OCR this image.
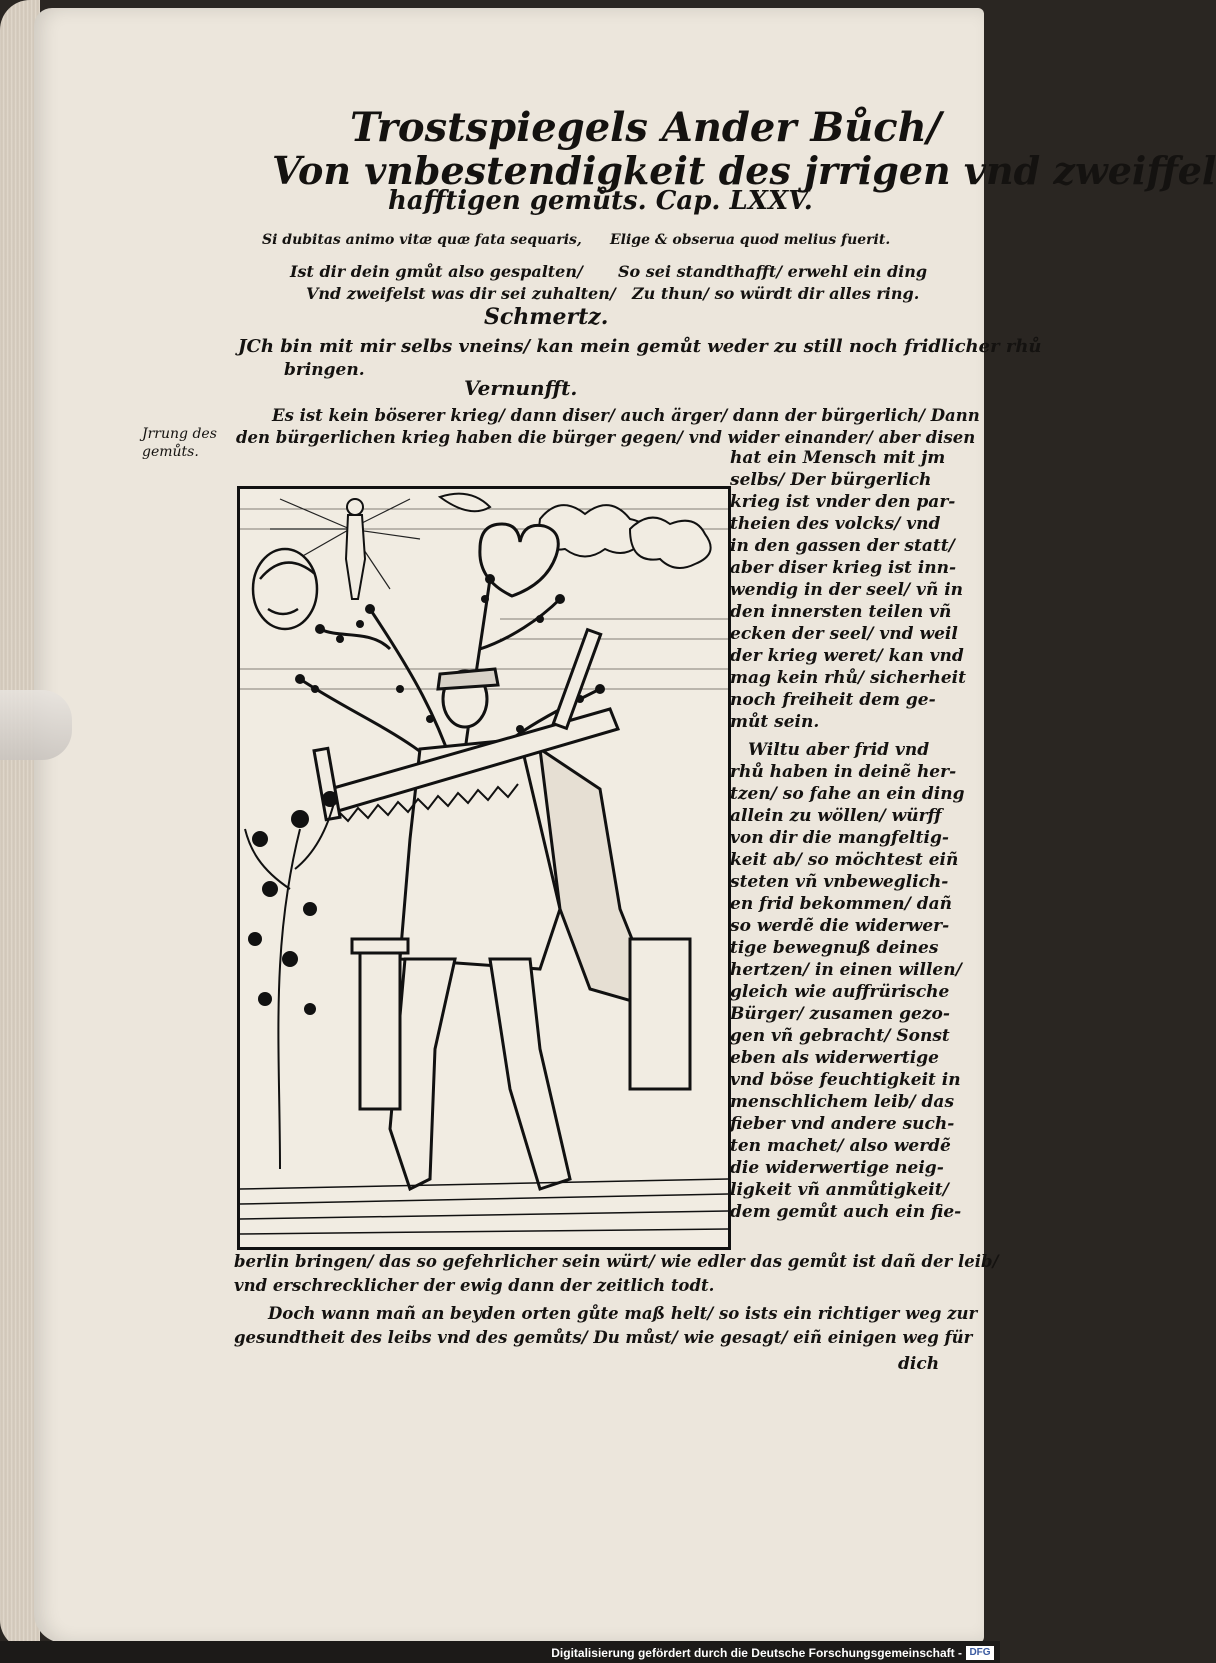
Trostspiegels Ander Bůch/
Von vnbestendigkeit des jrrigen vnd zweiffel
hafftigen gemůts. Cap. LXXV.
Si dubitas animo vitæ quæ fata sequaris, Elige & obserua quod melius fuerit.
Ist dir dein gmůt also gespalten/
Vnd zweifelst was dir sei zuhalten/
So sei standthafft/ erwehl ein ding
Zu thun/ so würdt dir alles ring.
Schmertz.
JCh bin mit mir selbs vneins/ kan mein gemůt weder zu still noch fridlicher rhů
bringen.
Vernunfft.
Es ist kein böserer krieg/ dann diser/ auch ärger/ dann der bürgerlich/ Dann
den bürgerlichen krieg haben die bürger gegen/ vnd wider einander/ aber disen
Jrrung des
gemůts.	hat ein Mensch mit jm
selbs/ Der bürgerlich
krieg ist vnder den par-
theien des volcks/ vnd
in den gassen der statt/
aber diser krieg ist inn-
wendig in der seel/ vñ in
den innersten teilen vñ
ecken der seel/ vnd weil
der krieg weret/ kan vnd
mag kein rhů/ sicherheit
noch freiheit dem ge-
můt sein.
Wiltu aber frid vnd
rhů haben in deinẽ her-
tzen/ so fahe an ein ding
allein zu wöllen/ würff
von dir die mangfeltig-
keit ab/ so möchtest eiñ
steten vñ vnbeweglich-
en frid bekommen/ dañ
so werdẽ die widerwer-
tige bewegnuß deines
hertzen/ in einen willen/
gleich wie auffrürische
Bürger/ zusamen gezo-
gen vñ gebracht/ Sonst
eben als widerwertige
vnd böse feuchtigkeit in
menschlichem leib/ das
fieber vnd andere such-
ten machet/ also werdẽ
die widerwertige neig-
ligkeit vñ anmůtigkeit/
dem gemůt auch ein fie-
berlin bringen/ das so gefehrlicher sein würt/ wie edler das gemůt ist dañ der leib/
vnd erschrecklicher der ewig dann der zeitlich todt.
Doch wann mañ an beyden orten gůte maß helt/ so ists ein richtiger weg zur
gesundtheit des leibs vnd des gemůts/ Du můst/ wie gesagt/ eiñ einigen weg für
dich
Digitalisierung gefördert durch die Deutsche Forschungsgemeinschaft - DFG
